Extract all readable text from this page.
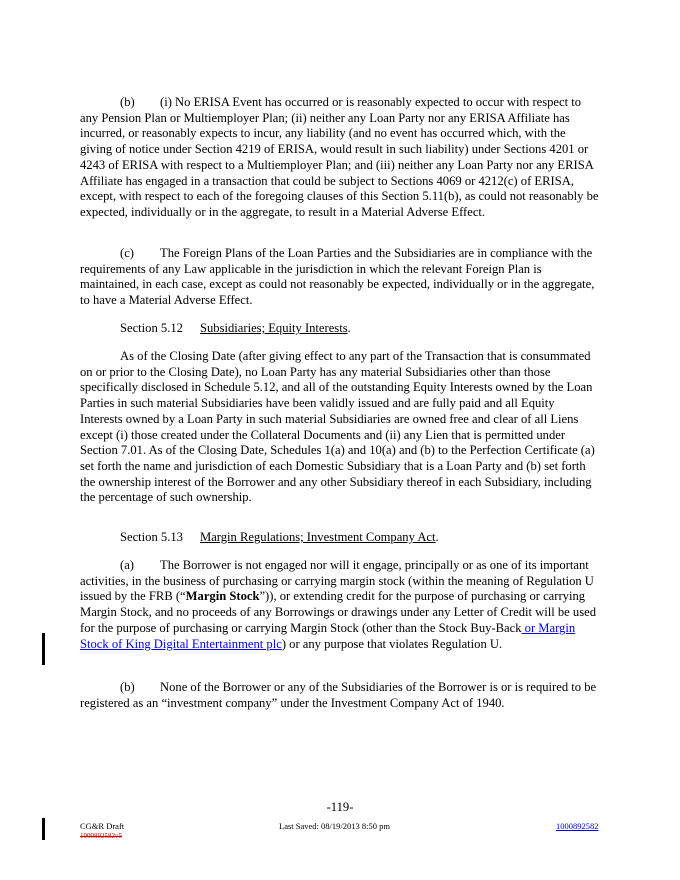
(b) (i) No ERISA Event has occurred or is reasonably expected to occur with respect to any Pension Plan or Multiemployer Plan; (ii) neither any Loan Party nor any ERISA Affiliate has incurred, or reasonably expects to incur, any liability (and no event has occurred which, with the giving of notice under Section 4219 of ERISA, would result in such liability) under Sections 4201 or 4243 of ERISA with respect to a Multiemployer Plan; and (iii) neither any Loan Party nor any ERISA Affiliate has engaged in a transaction that could be subject to Sections 4069 or 4212(c) of ERISA, except, with respect to each of the foregoing clauses of this Section 5.11(b), as could not reasonably be expected, individually or in the aggregate, to result in a Material Adverse Effect.

(c) The Foreign Plans of the Loan Parties and the Subsidiaries are in compliance with the requirements of any Law applicable in the jurisdiction in which the relevant Foreign Plan is maintained, in each case, except as could not reasonably be expected, individually or in the aggregate, to have a Material Adverse Effect.

Section 5.12 Subsidiaries; Equity Interests.

As of the Closing Date (after giving effect to any part of the Transaction that is consummated on or prior to the Closing Date), no Loan Party has any material Subsidiaries other than those specifically disclosed in Schedule 5.12, and all of the outstanding Equity Interests owned by the Loan Parties in such material Subsidiaries have been validly issued and are fully paid and all Equity Interests owned by a Loan Party in such material Subsidiaries are owned free and clear of all Liens except (i) those created under the Collateral Documents and (ii) any Lien that is permitted under Section 7.01. As of the Closing Date, Schedules 1(a) and 10(a) and (b) to the Perfection Certificate (a) set forth the name and jurisdiction of each Domestic Subsidiary that is a Loan Party and (b) set forth the ownership interest of the Borrower and any other Subsidiary thereof in each Subsidiary, including the percentage of such ownership.

Section 5.13 Margin Regulations; Investment Company Act.

(a) The Borrower is not engaged nor will it engage, principally or as one of its important activities, in the business of purchasing or carrying margin stock (within the meaning of Regulation U issued by the FRB (“Margin Stock”)), or extending credit for the purpose of purchasing or carrying Margin Stock, and no proceeds of any Borrowings or drawings under any Letter of Credit will be used for the purpose of purchasing or carrying Margin Stock (other than the Stock Buy-Back or Margin Stock of King Digital Entertainment plc) or any purpose that violates Regulation U.

(b) None of the Borrower or any of the Subsidiaries of the Borrower is or is required to be registered as an “investment company” under the Investment Company Act of 1940.

-119-
CG&R Draft
1000892582v5
Last Saved: 08/19/2013 8:50 pm	1000892582
